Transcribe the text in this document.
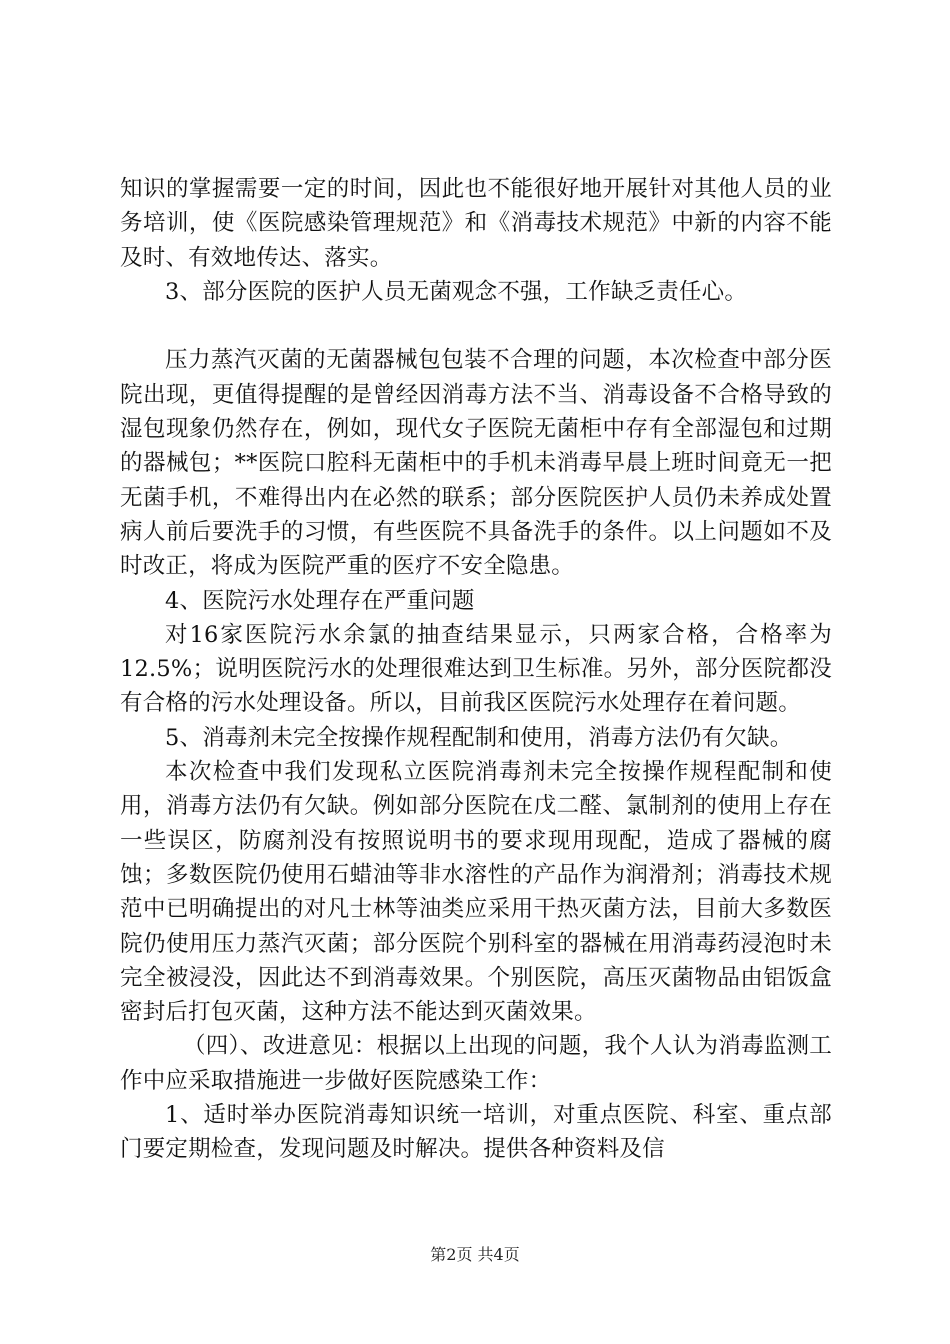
知识的掌握需要一定的时间，因此也不能很好地开展针对其他人员的业务培训，使《医院感染管理规范》和《消毒技术规范》中新的内容不能及时、有效地传达、落实。

3、部分医院的医护人员无菌观念不强，工作缺乏责任心。

压力蒸汽灭菌的无菌器械包包装不合理的问题，本次检查中部分医院出现，更值得提醒的是曾经因消毒方法不当、消毒设备不合格导致的湿包现象仍然存在，例如，现代女子医院无菌柜中存有全部湿包和过期的器械包；**医院口腔科无菌柜中的手机未消毒早晨上班时间竟无一把无菌手机，不难得出内在必然的联系；部分医院医护人员仍未养成处置病人前后要洗手的习惯，有些医院不具备洗手的条件。以上问题如不及时改正，将成为医院严重的医疗不安全隐患。

4、医院污水处理存在严重问题

对16家医院污水余氯的抽查结果显示，只两家合格，合格率为12.5%；说明医院污水的处理很难达到卫生标准。另外，部分医院都没有合格的污水处理设备。所以，目前我区医院污水处理存在着问题。

5、消毒剂未完全按操作规程配制和使用，消毒方法仍有欠缺。

本次检查中我们发现私立医院消毒剂未完全按操作规程配制和使用，消毒方法仍有欠缺。例如部分医院在戊二醛、氯制剂的使用上存在一些误区，防腐剂没有按照说明书的要求现用现配，造成了器械的腐蚀；多数医院仍使用石蜡油等非水溶性的产品作为润滑剂；消毒技术规范中已明确提出的对凡士林等油类应采用干热灭菌方法，目前大多数医院仍使用压力蒸汽灭菌；部分医院个别科室的器械在用消毒药浸泡时未完全被浸没，因此达不到消毒效果。个别医院，高压灭菌物品由铝饭盒密封后打包灭菌，这种方法不能达到灭菌效果。

（四）、改进意见：根据以上出现的问题，我个人认为消毒监测工作中应采取措施进一步做好医院感染工作：

1、适时举办医院消毒知识统一培训，对重点医院、科室、重点部门要定期检查，发现问题及时解决。提供各种资料及信

第2页 共4页
